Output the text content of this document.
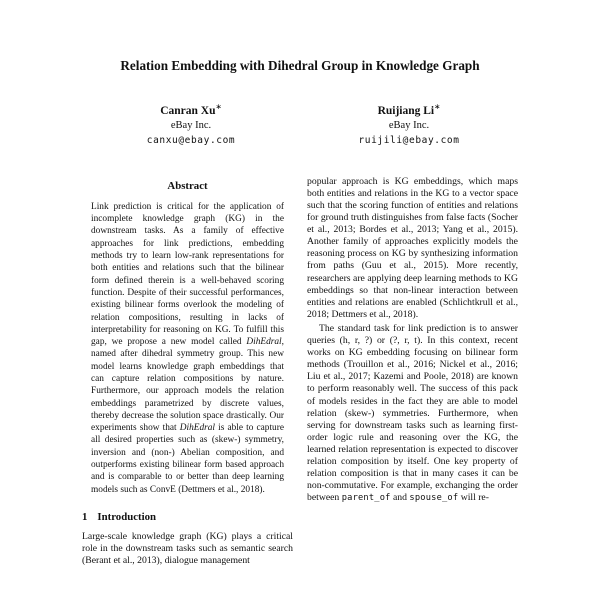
Relation Embedding with Dihedral Group in Knowledge Graph
Canran Xu∗
eBay Inc.
canxu@ebay.com
Ruijiang Li∗
eBay Inc.
ruijili@ebay.com
Abstract

Link prediction is critical for the application of incomplete knowledge graph (KG) in the downstream tasks. As a family of effective approaches for link predictions, embedding methods try to learn low-rank representations for both entities and relations such that the bilinear form defined therein is a well-behaved scoring function. Despite of their successful performances, existing bilinear forms overlook the modeling of relation compositions, resulting in lacks of interpretability for reasoning on KG. To fulfill this gap, we propose a new model called DihEdral, named after dihedral symmetry group. This new model learns knowledge graph embeddings that can capture relation compositions by nature. Furthermore, our approach models the relation embeddings parametrized by discrete values, thereby decrease the solution space drastically. Our experiments show that DihEdral is able to capture all desired properties such as (skew-) symmetry, inversion and (non-) Abelian composition, and outperforms existing bilinear form based approach and is comparable to or better than deep learning models such as ConvE (Dettmers et al., 2018).

1 Introduction

Large-scale knowledge graph (KG) plays a critical role in the downstream tasks such as semantic search (Berant et al., 2013), dialogue management

popular approach is KG embeddings, which maps both entities and relations in the KG to a vector space such that the scoring function of entities and relations for ground truth distinguishes from false facts (Socher et al., 2013; Bordes et al., 2013; Yang et al., 2015). Another family of approaches explicitly models the reasoning process on KG by synthesizing information from paths (Guu et al., 2015). More recently, researchers are applying deep learning methods to KG embeddings so that non-linear interaction between entities and relations are enabled (Schlichtkrull et al., 2018; Dettmers et al., 2018).

The standard task for link prediction is to answer queries (h, r, ?) or (?, r, t). In this context, recent works on KG embedding focusing on bilinear form methods (Trouillon et al., 2016; Nickel et al., 2016; Liu et al., 2017; Kazemi and Poole, 2018) are known to perform reasonably well. The success of this pack of models resides in the fact they are able to model relation (skew-) symmetries. Furthermore, when serving for downstream tasks such as learning first-order logic rule and reasoning over the KG, the learned relation representation is expected to discover relation composition by itself. One key property of relation composition is that in many cases it can be non-commutative. For example, exchanging the order between parent_of and spouse_of will re-
